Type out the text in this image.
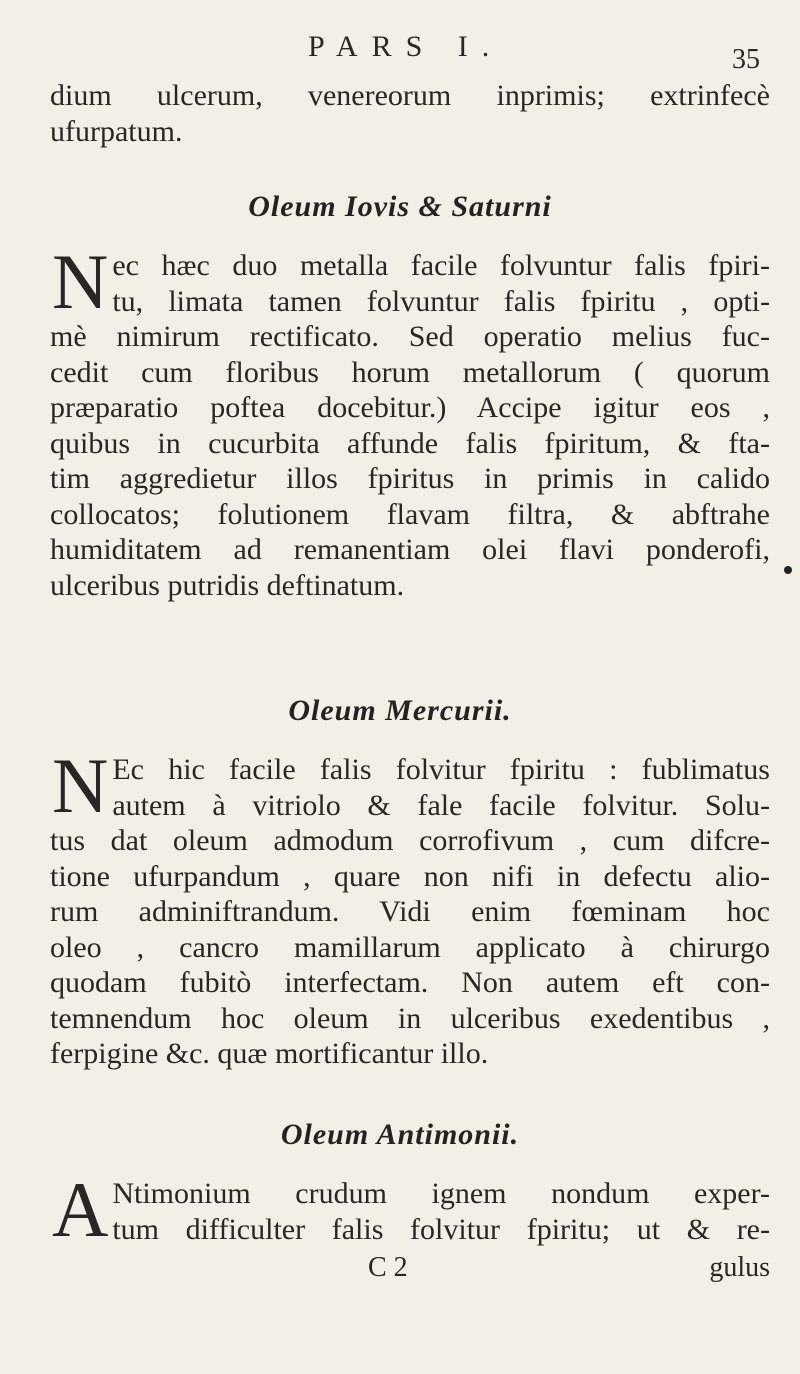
PARS I.	35
dium ulcerum, venereorum inprimis; extrinfecè
ufurpatum.
Oleum Iovis & Saturni
N ec hæc duo metalla facile folvuntur falis fpiri-
tu, limata tamen folvuntur falis fpiritu , opti-
mè nimirum rectificato. Sed operatio melius fuc-
cedit cum floribus horum metallorum ( quorum
præparatio poftea docebitur.) Accipe igitur eos ,
quibus in cucurbita affunde falis fpiritum, & fta-
tim aggredietur illos fpiritus in primis in calido
collocatos; folutionem flavam filtra, & abftrahe
humiditatem ad remanentiam olei flavi ponderofi,
ulceribus putridis deftinatum.
Oleum Mercurii.
N Ec hic facile falis folvitur fpiritu : fublimatus
autem à vitriolo & fale facile folvitur. Solu-
tus dat oleum admodum corrofivum , cum difcre-
tione ufurpandum , quare non nifi in defectu alio-
rum adminiftrandum. Vidi enim fœminam hoc
oleo , cancro mamillarum applicato à chirurgo
quodam fubitò interfectam. Non autem eft con-
temnendum hoc oleum in ulceribus exedentibus ,
ferpigine &c. quæ mortificantur illo.
Oleum Antimonii.
A Ntimonium crudum ignem nondum exper-
tum difficulter falis folvitur fpiritu; ut & re-
C 2	gulus
